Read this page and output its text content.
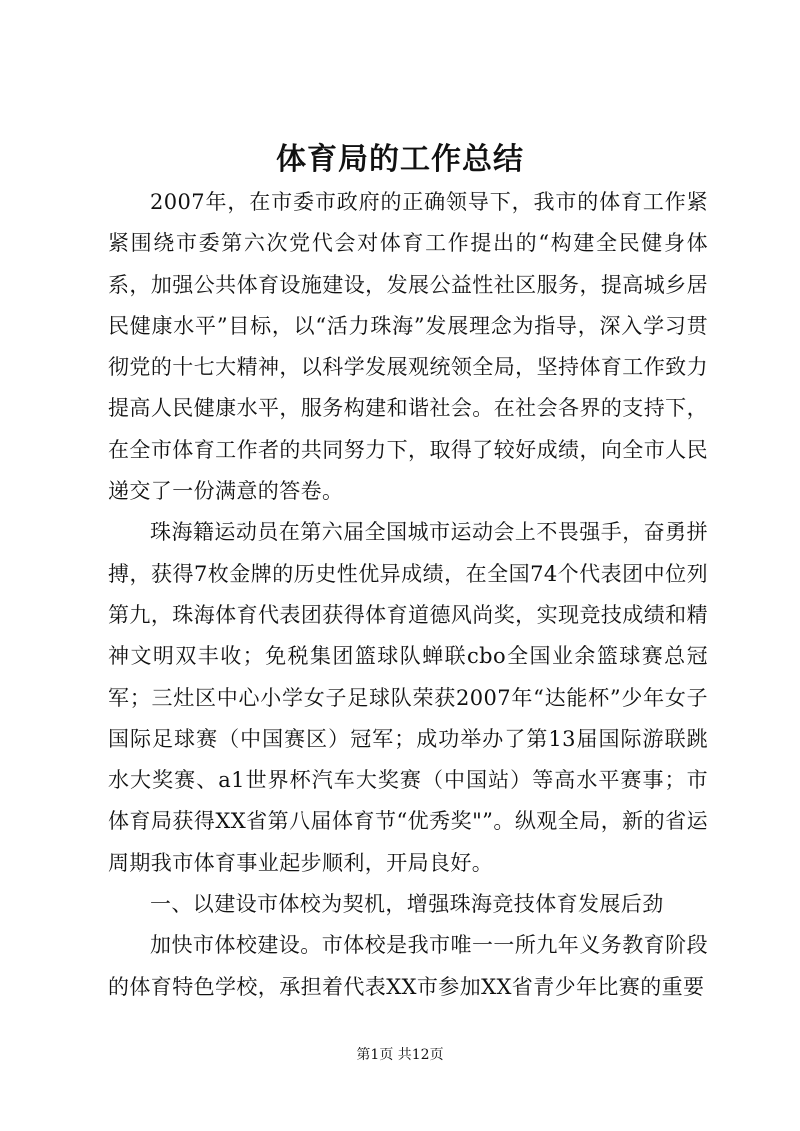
体育局的工作总结

2007年，在市委市政府的正确领导下，我市的体育工作紧紧围绕市委第六次党代会对体育工作提出的“构建全民健身体系，加强公共体育设施建设，发展公益性社区服务，提高城乡居民健康水平”目标，以“活力珠海”发展理念为指导，深入学习贯彻党的十七大精神，以科学发展观统领全局，坚持体育工作致力提高人民健康水平，服务构建和谐社会。在社会各界的支持下，在全市体育工作者的共同努力下，取得了较好成绩，向全市人民递交了一份满意的答卷。

珠海籍运动员在第六届全国城市运动会上不畏强手，奋勇拼搏，获得7枚金牌的历史性优异成绩，在全国74个代表团中位列第九，珠海体育代表团获得体育道德风尚奖，实现竞技成绩和精神文明双丰收；免税集团篮球队蝉联cbo全国业余篮球赛总冠军；三灶区中心小学女子足球队荣获2007年“达能杯”少年女子国际足球赛（中国赛区）冠军；成功举办了第13届国际游联跳水大奖赛、a1世界杯汽车大奖赛（中国站）等高水平赛事；市体育局获得XX省第八届体育节“优秀奖"”。纵观全局，新的省运周期我市体育事业起步顺利，开局良好。

一、以建设市体校为契机，增强珠海竞技体育发展后劲

加快市体校建设。市体校是我市唯一一所九年义务教育阶段的体育特色学校，承担着代表XX市参加XX省青少年比赛的重要

第1页 共12页
